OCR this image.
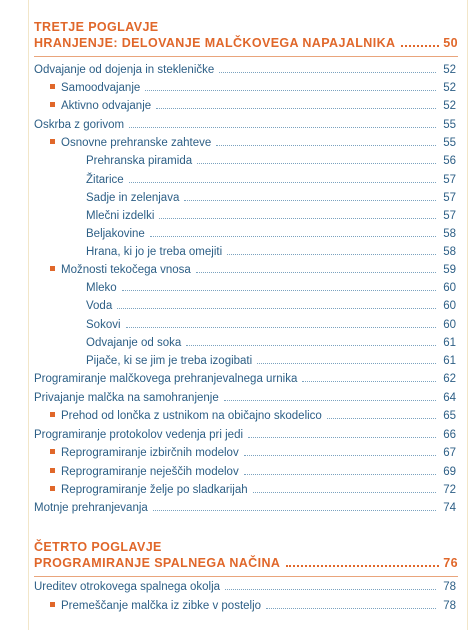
TRETJE POGLAVJE
HRANJENJE: DELOVANJE MALČKOVEGA NAPAJALNIKA	50
Odvajanje od dojenja in stekleničke	52
Samoodvajanje	52
Aktivno odvajanje	52
Oskrba z gorivom	55
Osnovne prehranske zahteve	55
Prehranska piramida	56
Žitarice	57
Sadje in zelenjava	57
Mlečni izdelki	57
Beljakovine	58
Hrana, ki jo je treba omejiti	58
Možnosti tekočega vnosa	59
Mleko	60
Voda	60
Sokovi	60
Odvajanje od soka	61
Pijače, ki se jim je treba izogibati	61
Programiranje malčkovega prehranjevalnega urnika	62
Privajanje malčka na samohranjenje	64
Prehod od lončka z ustnikom na običajno skodelico	65
Programiranje protokolov vedenja pri jedi	66
Reprogramiranje izbirčnih modelov	67
Reprogramiranje neješčih modelov	69
Reprogramiranje želje po sladkarijah	72
Motnje prehranjevanja	74
ČETRTO POGLAVJE
PROGRAMIRANJE SPALNEGA NAČINA	76
Ureditev otrokovega spalnega okolja	78
Premeščanje malčka iz zibke v posteljo	78
